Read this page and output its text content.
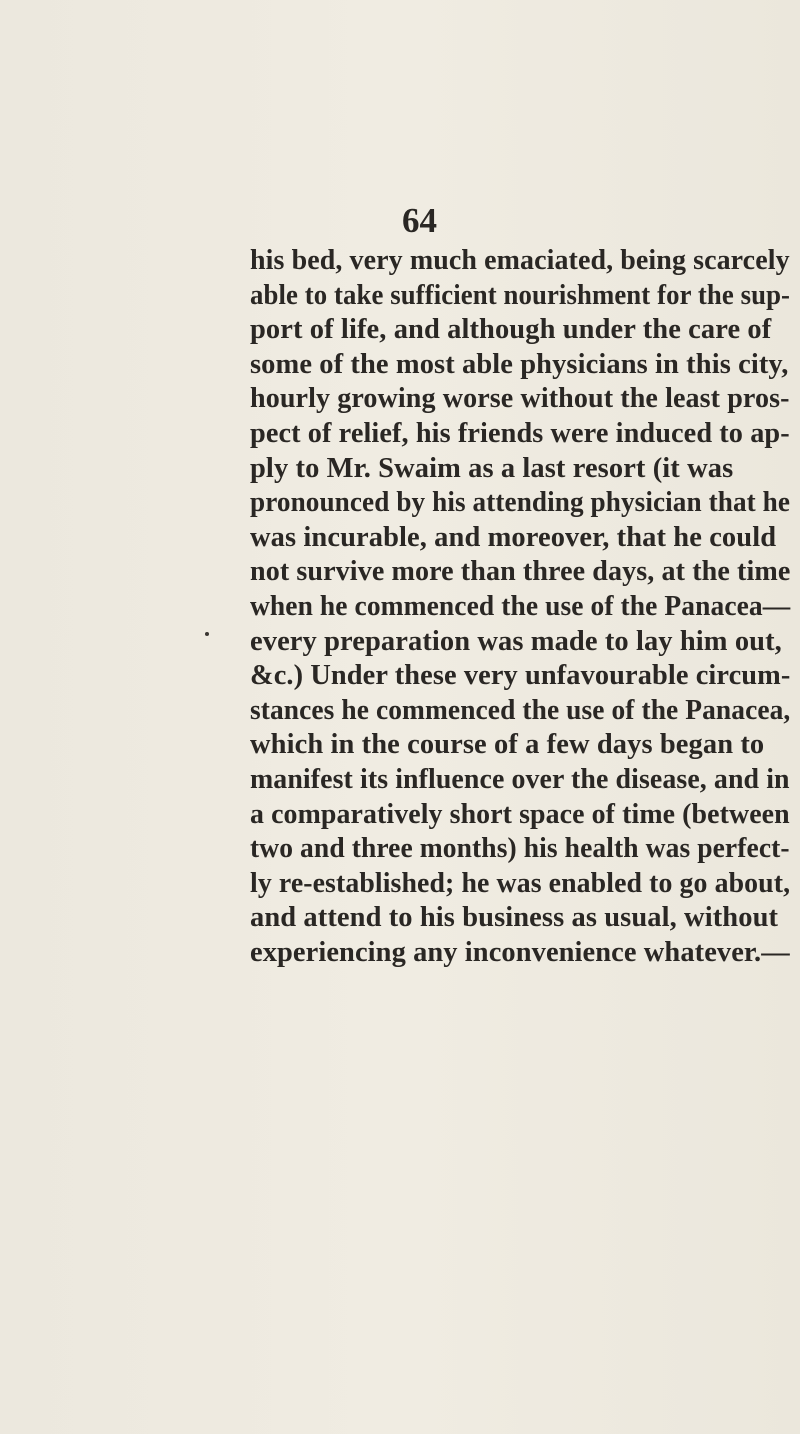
64
his bed, very much emaciated, being scarcely
able to take sufficient nourishment for the sup-
port of life, and although under the care of
some of the most able physicians in this city,
hourly growing worse without the least pros-
pect of relief, his friends were induced to ap-
ply to Mr. Swaim as a last resort (it was
pronounced by his attending physician that he
was incurable, and moreover, that he could
not survive more than three days, at the time
when he commenced the use of the Panacea—
every preparation was made to lay him out,
&c.) Under these very unfavourable circum-
stances he commenced the use of the Panacea,
which in the course of a few days began to
manifest its influence over the disease, and in
a comparatively short space of time (between
two and three months) his health was perfect-
ly re-established; he was enabled to go about,
and attend to his business as usual, without
experiencing any inconvenience whatever.—
